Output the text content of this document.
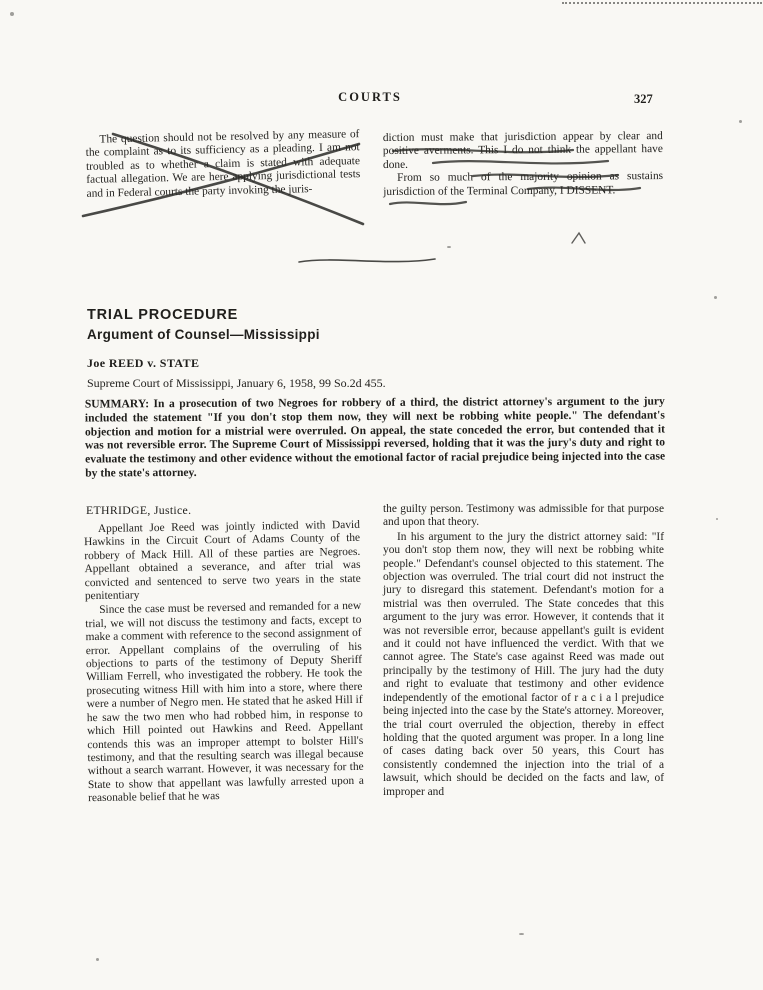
COURTS	327

The question should not be resolved by any measure of the complaint as to its sufficiency as a pleading. I am not troubled as to whether a claim is stated with adequate factual allegation. We are here applying jurisdictional tests and in Federal courts the party invoking the juris-

diction must make that jurisdiction appear by clear and positive averments. This I do not think the appellant have done.

From so much of the majority opinion as sustains jurisdiction of the Terminal Company, I DISSENT.

TRIAL PROCEDURE
Argument of Counsel—Mississippi
Joe REED v. STATE
Supreme Court of Mississippi, January 6, 1958, 99 So.2d 455.
SUMMARY: In a prosecution of two Negroes for robbery of a third, the district attorney's argument to the jury included the statement "If you don't stop them now, they will next be robbing white people." The defendant's objection and motion for a mistrial were overruled. On appeal, the state conceded the error, but contended that it was not reversible error. The Supreme Court of Mississippi reversed, holding that it was the jury's duty and right to evaluate the testimony and other evidence without the emotional factor of racial prejudice being injected into the case by the state's attorney.
ETHRIDGE, Justice.

Appellant Joe Reed was jointly indicted with David Hawkins in the Circuit Court of Adams County of the robbery of Mack Hill. All of these parties are Negroes. Appellant obtained a severance, and after trial was convicted and sentenced to serve two years in the state penitentiary

Since the case must be reversed and remanded for a new trial, we will not discuss the testimony and facts, except to make a comment with reference to the second assignment of error. Appellant complains of the overruling of his objections to parts of the testimony of Deputy Sheriff William Ferrell, who investigated the robbery. He took the prosecuting witness Hill with him into a store, where there were a number of Negro men. He stated that he asked Hill if he saw the two men who had robbed him, in response to which Hill pointed out Hawkins and Reed. Appellant contends this was an improper attempt to bolster Hill's testimony, and that the resulting search was illegal because without a search warrant. However, it was necessary for the State to show that appellant was lawfully arrested upon a reasonable belief that he was

the guilty person. Testimony was admissible for that purpose and upon that theory.

In his argument to the jury the district attorney said: "If you don't stop them now, they will next be robbing white people." Defendant's counsel objected to this statement. The objection was overruled. The trial court did not instruct the jury to disregard this statement. Defendant's motion for a mistrial was then overruled. The State concedes that this argument to the jury was error. However, it contends that it was not reversible error, because appellant's guilt is evident and it could not have influenced the verdict. With that we cannot agree. The State's case against Reed was made out principally by the testimony of Hill. The jury had the duty and right to evaluate that testimony and other evidence independently of the emotional factor of r a c i a l prejudice being injected into the case by the State's attorney. Moreover, the trial court overruled the objection, thereby in effect holding that the quoted argument was proper. In a long line of cases dating back over 50 years, this Court has consistently condemned the injection into the trial of a lawsuit, which should be decided on the facts and law, of improper and
